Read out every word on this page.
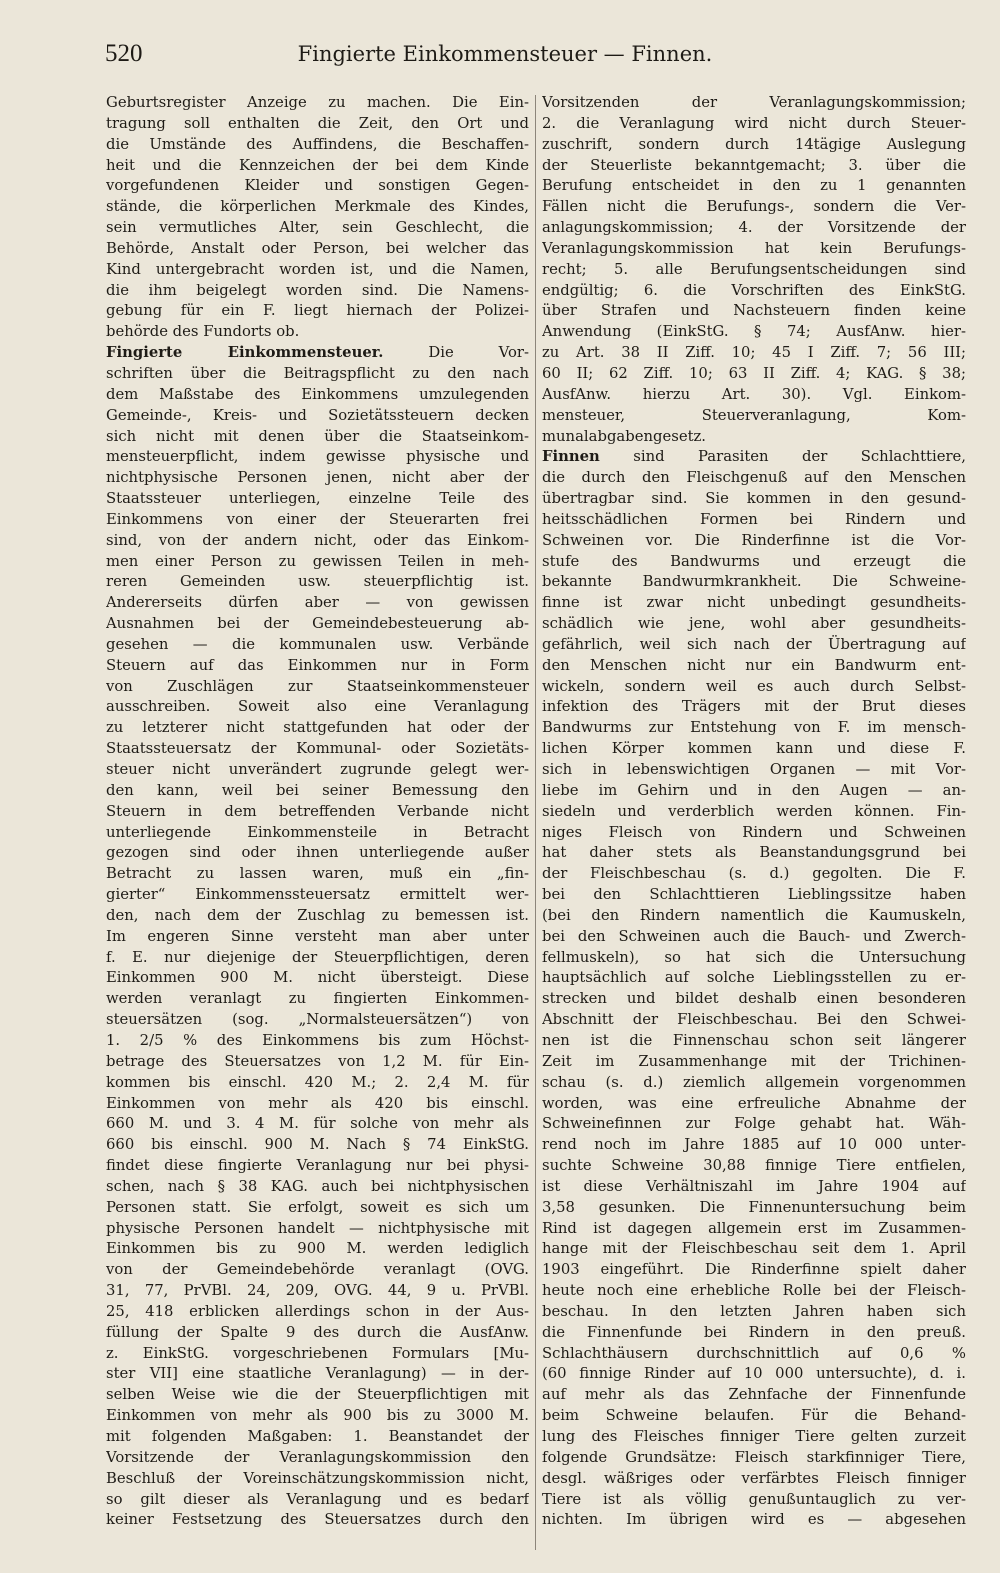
520	Fingierte Einkommensteuer — Finnen.
Geburtsregister Anzeige zu machen. Die Ein-
tragung soll enthalten die Zeit, den Ort und
die Umstände des Auffindens, die Beschaffen-
heit und die Kennzeichen der bei dem Kinde
vorgefundenen Kleider und sonstigen Gegen-
stände, die körperlichen Merkmale des Kindes,
sein vermutliches Alter, sein Geschlecht, die
Behörde, Anstalt oder Person, bei welcher das
Kind untergebracht worden ist, und die Namen,
die ihm beigelegt worden sind. Die Namens-
gebung für ein F. liegt hiernach der Polizei-
behörde des Fundorts ob.
Fingierte Einkommensteuer. Die Vor-
schriften über die Beitragspflicht zu den nach
dem Maßstabe des Einkommens umzulegenden
Gemeinde-, Kreis- und Sozietätssteuern decken
sich nicht mit denen über die Staatseinkom-
mensteuerpflicht, indem gewisse physische und
nichtphysische Personen jenen, nicht aber der
Staatssteuer unterliegen, einzelne Teile des
Einkommens von einer der Steuerarten frei
sind, von der andern nicht, oder das Einkom-
men einer Person zu gewissen Teilen in meh-
reren Gemeinden usw. steuerpflichtig ist.
Andererseits dürfen aber — von gewissen
Ausnahmen bei der Gemeindebesteuerung ab-
gesehen — die kommunalen usw. Verbände
Steuern auf das Einkommen nur in Form
von Zuschlägen zur Staatseinkommensteuer
ausschreiben. Soweit also eine Veranlagung
zu letzterer nicht stattgefunden hat oder der
Staatssteuersatz der Kommunal- oder Sozietäts-
steuer nicht unverändert zugrunde gelegt wer-
den kann, weil bei seiner Bemessung den
Steuern in dem betreffenden Verbande nicht
unterliegende Einkommensteile in Betracht
gezogen sind oder ihnen unterliegende außer
Betracht zu lassen waren, muß ein „fin-
gierter“ Einkommenssteuersatz ermittelt wer-
den, nach dem der Zuschlag zu bemessen ist.
Im engeren Sinne versteht man aber unter
f. E. nur diejenige der Steuerpflichtigen, deren
Einkommen 900 M. nicht übersteigt. Diese
werden veranlagt zu fingierten Einkommen-
steuersätzen (sog. „Normalsteuersätzen“) von
1. 2/5 % des Einkommens bis zum Höchst-
betrage des Steuersatzes von 1,2 M. für Ein-
kommen bis einschl. 420 M.; 2. 2,4 M. für
Einkommen von mehr als 420 bis einschl.
660 M. und 3. 4 M. für solche von mehr als
660 bis einschl. 900 M. Nach § 74 EinkStG.
findet diese fingierte Veranlagung nur bei physi-
schen, nach § 38 KAG. auch bei nichtphysischen
Personen statt. Sie erfolgt, soweit es sich um
physische Personen handelt — nichtphysische mit
Einkommen bis zu 900 M. werden lediglich
von der Gemeindebehörde veranlagt (OVG.
31, 77, PrVBl. 24, 209, OVG. 44, 9 u. PrVBl.
25, 418 erblicken allerdings schon in der Aus-
füllung der Spalte 9 des durch die AusfAnw.
z. EinkStG. vorgeschriebenen Formulars [Mu-
ster VII] eine staatliche Veranlagung) — in der-
selben Weise wie die der Steuerpflichtigen mit
Einkommen von mehr als 900 bis zu 3000 M.
mit folgenden Maßgaben: 1. Beanstandet der
Vorsitzende der Veranlagungskommission den
Beschluß der Voreinschätzungskommission nicht,
so gilt dieser als Veranlagung und es bedarf
keiner Festsetzung des Steuersatzes durch den
Vorsitzenden der Veranlagungskommission;
2. die Veranlagung wird nicht durch Steuer-
zuschrift, sondern durch 14tägige Auslegung
der Steuerliste bekanntgemacht; 3. über die
Berufung entscheidet in den zu 1 genannten
Fällen nicht die Berufungs-, sondern die Ver-
anlagungskommission; 4. der Vorsitzende der
Veranlagungskommission hat kein Berufungs-
recht; 5. alle Berufungsentscheidungen sind
endgültig; 6. die Vorschriften des EinkStG.
über Strafen und Nachsteuern finden keine
Anwendung (EinkStG. § 74; AusfAnw. hier-
zu Art. 38 II Ziff. 10; 45 I Ziff. 7; 56 III;
60 II; 62 Ziff. 10; 63 II Ziff. 4; KAG. § 38;
AusfAnw. hierzu Art. 30). Vgl. Einkom-
mensteuer, Steuerveranlagung, Kom-
munalabgabengesetz.
Finnen sind Parasiten der Schlachttiere,
die durch den Fleischgenuß auf den Menschen
übertragbar sind. Sie kommen in den gesund-
heitsschädlichen Formen bei Rindern und
Schweinen vor. Die Rinderfinne ist die Vor-
stufe des Bandwurms und erzeugt die
bekannte Bandwurmkrankheit. Die Schweine-
finne ist zwar nicht unbedingt gesundheits-
schädlich wie jene, wohl aber gesundheits-
gefährlich, weil sich nach der Übertragung auf
den Menschen nicht nur ein Bandwurm ent-
wickeln, sondern weil es auch durch Selbst-
infektion des Trägers mit der Brut dieses
Bandwurms zur Entstehung von F. im mensch-
lichen Körper kommen kann und diese F.
sich in lebenswichtigen Organen — mit Vor-
liebe im Gehirn und in den Augen — an-
siedeln und verderblich werden können. Fin-
niges Fleisch von Rindern und Schweinen
hat daher stets als Beanstandungsgrund bei
der Fleischbeschau (s. d.) gegolten. Die F.
bei den Schlachttieren Lieblingssitze haben
(bei den Rindern namentlich die Kaumuskeln,
bei den Schweinen auch die Bauch- und Zwerch-
fellmuskeln), so hat sich die Untersuchung
hauptsächlich auf solche Lieblingsstellen zu er-
strecken und bildet deshalb einen besonderen
Abschnitt der Fleischbeschau. Bei den Schwei-
nen ist die Finnenschau schon seit längerer
Zeit im Zusammenhange mit der Trichinen-
schau (s. d.) ziemlich allgemein vorgenommen
worden, was eine erfreuliche Abnahme der
Schweinefinnen zur Folge gehabt hat. Wäh-
rend noch im Jahre 1885 auf 10 000 unter-
suchte Schweine 30,88 finnige Tiere entfielen,
ist diese Verhältniszahl im Jahre 1904 auf
3,58 gesunken. Die Finnenuntersuchung beim
Rind ist dagegen allgemein erst im Zusammen-
hange mit der Fleischbeschau seit dem 1. April
1903 eingeführt. Die Rinderfinne spielt daher
heute noch eine erhebliche Rolle bei der Fleisch-
beschau. In den letzten Jahren haben sich
die Finnenfunde bei Rindern in den preuß.
Schlachthäusern durchschnittlich auf 0,6 %
(60 finnige Rinder auf 10 000 untersuchte), d. i.
auf mehr als das Zehnfache der Finnenfunde
beim Schweine belaufen. Für die Behand-
lung des Fleisches finniger Tiere gelten zurzeit
folgende Grundsätze: Fleisch starkfinniger Tiere,
desgl. wäßriges oder verfärbtes Fleisch finniger
Tiere ist als völlig genußuntauglich zu ver-
nichten. Im übrigen wird es — abgesehen
